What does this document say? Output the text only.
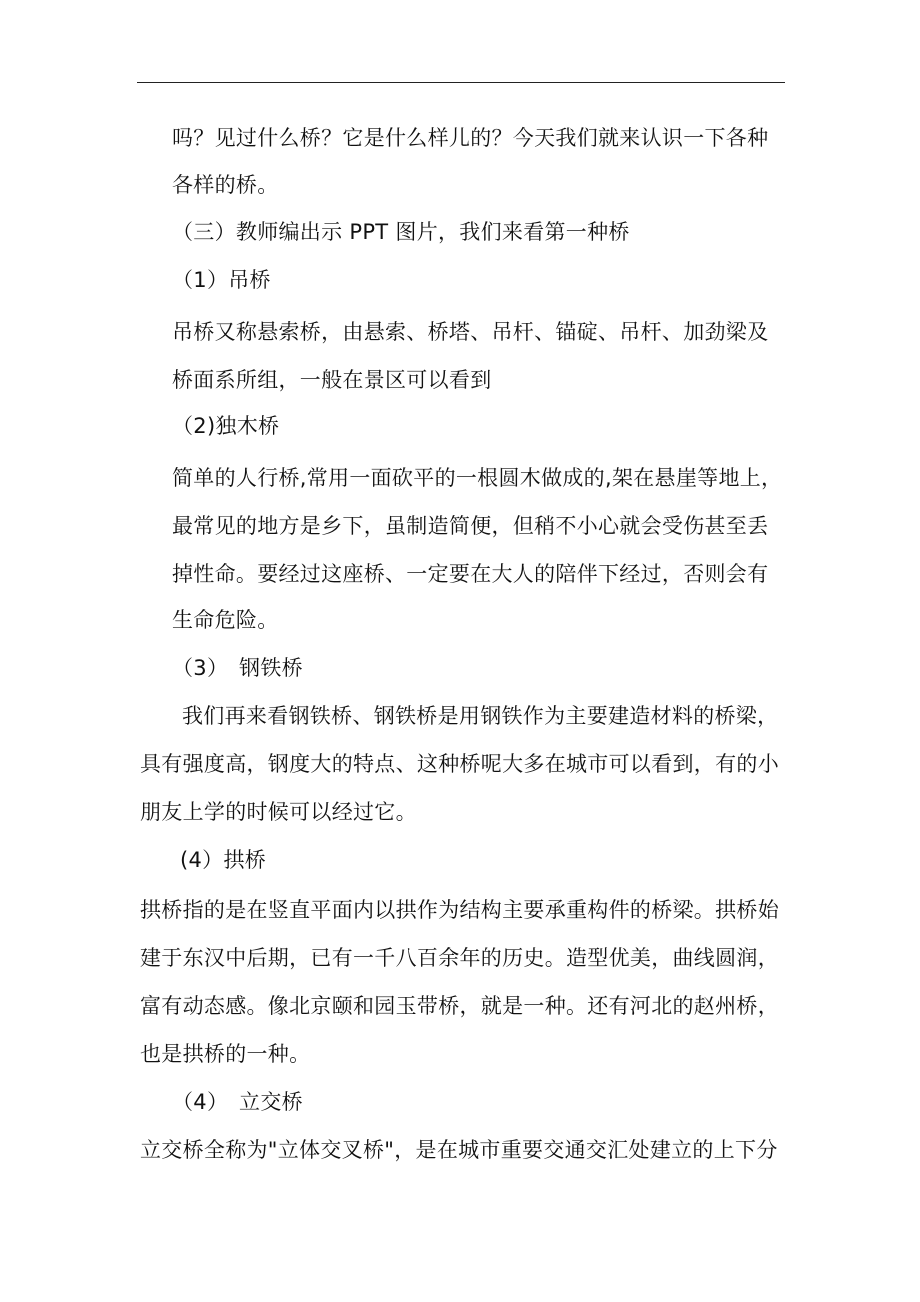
吗？见过什么桥？它是什么样儿的？今天我们就来认识一下各种
各样的桥。
（三）教师编出示 PPT 图片，我们来看第一种桥
（1）吊桥
吊桥又称悬索桥，由悬索、桥塔、吊杆、锚碇、吊杆、加劲梁及
桥面系所组，一般在景区可以看到
（2)独木桥
简单的人行桥,常用一面砍平的一根圆木做成的,架在悬崖等地上，
最常见的地方是乡下，虽制造简便，但稍不小心就会受伤甚至丢
掉性命。要经过这座桥、一定要在大人的陪伴下经过，否则会有
生命危险。
（3）　钢铁桥
我们再来看钢铁桥、钢铁桥是用钢铁作为主要建造材料的桥梁，
具有强度高，钢度大的特点、这种桥呢大多在城市可以看到，有的小
朋友上学的时候可以经过它。
(4）拱桥
拱桥指的是在竖直平面内以拱作为结构主要承重构件的桥梁。拱桥始
建于东汉中后期，已有一千八百余年的历史。造型优美，曲线圆润，
富有动态感。像北京颐和园玉带桥，就是一种。还有河北的赵州桥，
也是拱桥的一种。
（4）　立交桥
立交桥全称为"立体交叉桥"，是在城市重要交通交汇处建立的上下分
